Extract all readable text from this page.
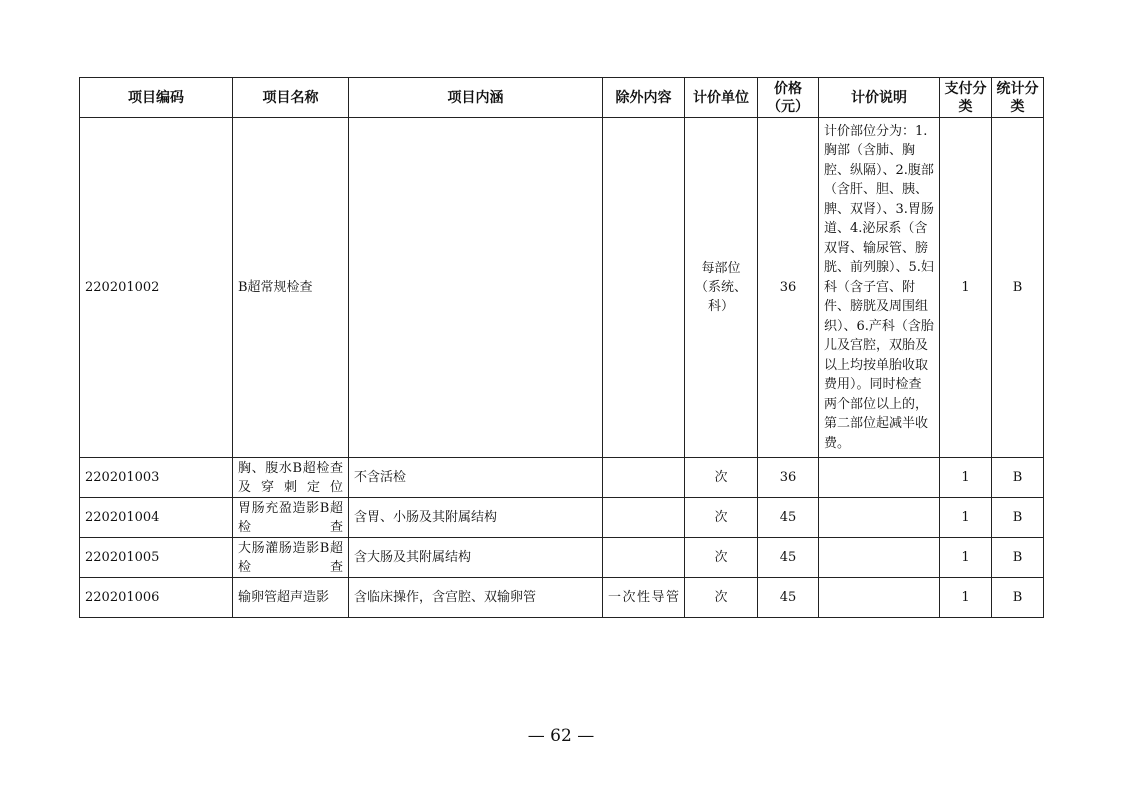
项目编码	项目名称	项目内涵	除外内容	计价单位	价格（元）	计价说明	支付分类	统计分类
220201002	B超常规检查			每部位（系统、科）	36	计价部位分为：1.胸部（含肺、胸腔、纵隔）、2.腹部（含肝、胆、胰、脾、双肾）、3.胃肠道、4.泌尿系（含双肾、输尿管、膀胱、前列腺）、5.妇科（含子宫、附件、膀胱及周围组织）、6.产科（含胎儿及宫腔，双胎及以上均按单胎收取费用）。同时检查两个部位以上的，第二部位起减半收费。	1	B
220201003	胸、腹水B超检查及穿刺定位	不含活检		次	36		1	B
220201004	胃肠充盈造影B超检查	含胃、小肠及其附属结构		次	45		1	B
220201005	大肠灌肠造影B超检查	含大肠及其附属结构		次	45		1	B
220201006	输卵管超声造影	含临床操作，含宫腔、双输卵管	一次性导管	次	45		1	B
— 62 —
